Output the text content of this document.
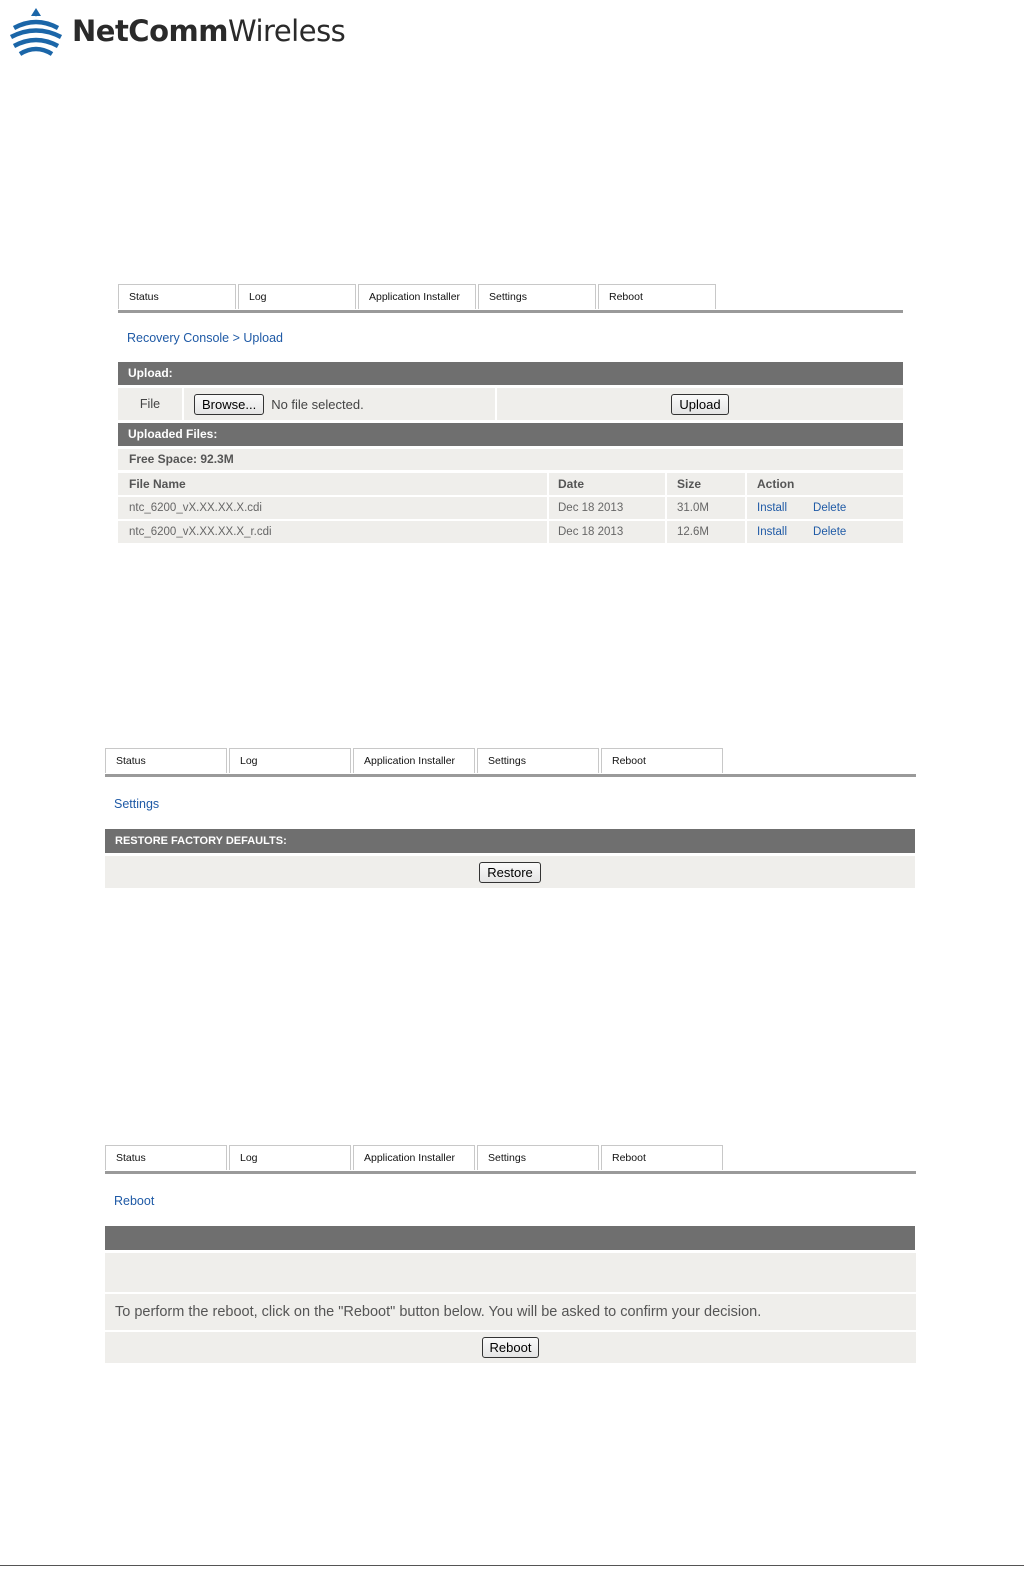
NetCommWireless
Status	Log	Application Installer	Settings	Reboot
Recovery Console > Upload
Upload:
File	Browse...	No file selected.	Upload
Uploaded Files:
Free Space: 92.3M
File Name	Date	Size	Action
ntc_6200_vX.XX.XX.X.cdi	Dec 18 2013	31.0M	Install Delete
ntc_6200_vX.XX.XX.X_r.cdi	Dec 18 2013	12.6M	Install Delete
Status	Log	Application Installer	Settings	Reboot
Settings
RESTORE FACTORY DEFAULTS:
Restore
Status	Log	Application Installer	Settings	Reboot
Reboot
To perform the reboot, click on the "Reboot" button below. You will be asked to confirm your decision.
Reboot
